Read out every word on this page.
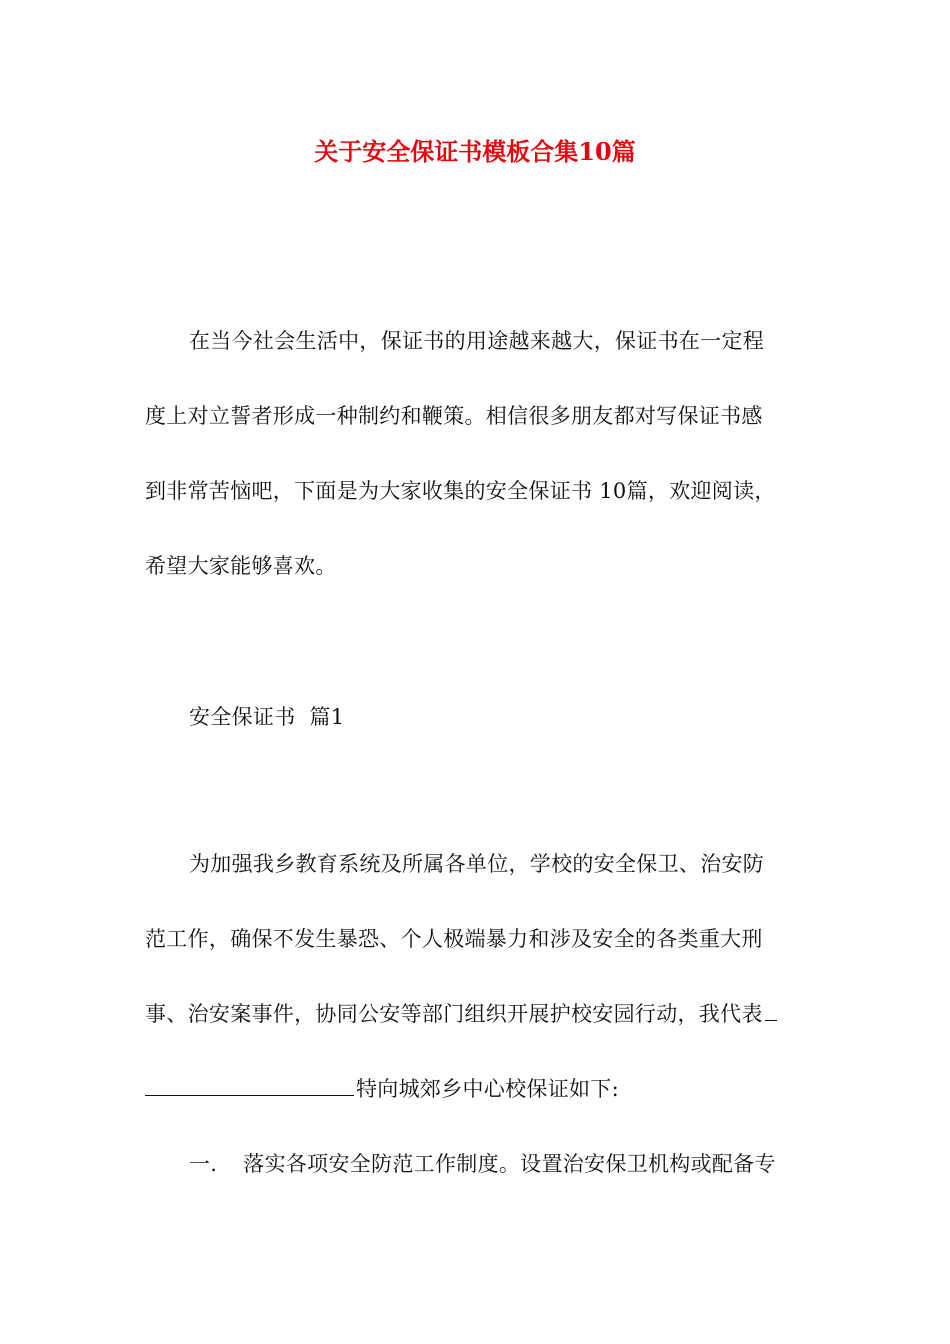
关于安全保证书模板合集10篇
在当今社会生活中，保证书的用途越来越大，保证书在一定程
度上对立誓者形成一种制约和鞭策。相信很多朋友都对写保证书感
到非常苦恼吧，下面是为大家收集的安全保证书 10篇，欢迎阅读，
希望大家能够喜欢。
安全保证书 篇1
为加强我乡教育系统及所属各单位，学校的安全保卫、治安防
范工作，确保不发生暴恐、个人极端暴力和涉及安全的各类重大刑
事、治安案事件，协同公安等部门组织开展护校安园行动，我代表
特向城郊乡中心校保证如下:
一. 落实各项安全防范工作制度。设置治安保卫机构或配备专
